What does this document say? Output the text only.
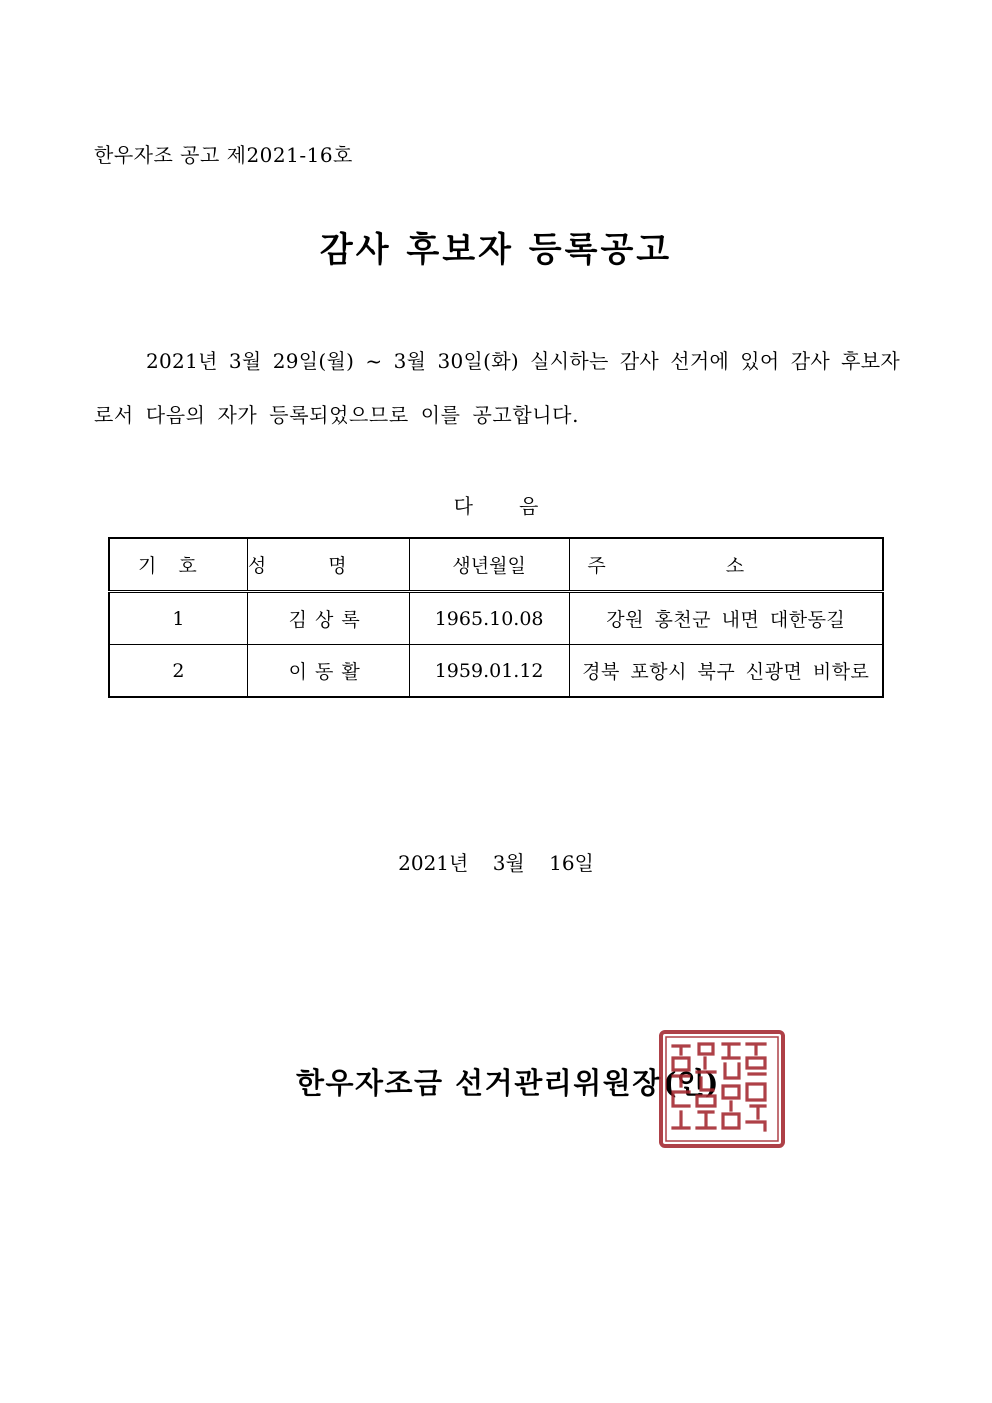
한우자조 공고 제2021-16호
감사 후보자 등록공고
2021년 3월 29일(월) ~ 3월 30일(화) 실시하는 감사 선거에 있어 감사 후보자
로서 다음의 자가 등록되었으므로 이를 공고합니다.
다음
기호	성명	생년월일	주소
1	김상록	1965.10.08	강원 홍천군 내면 대한동길
2	이동활	1959.01.12	경북 포항시 북구 신광면 비학로
2021년 3월 16일
한우자조금 선거관리위원장 (인)
